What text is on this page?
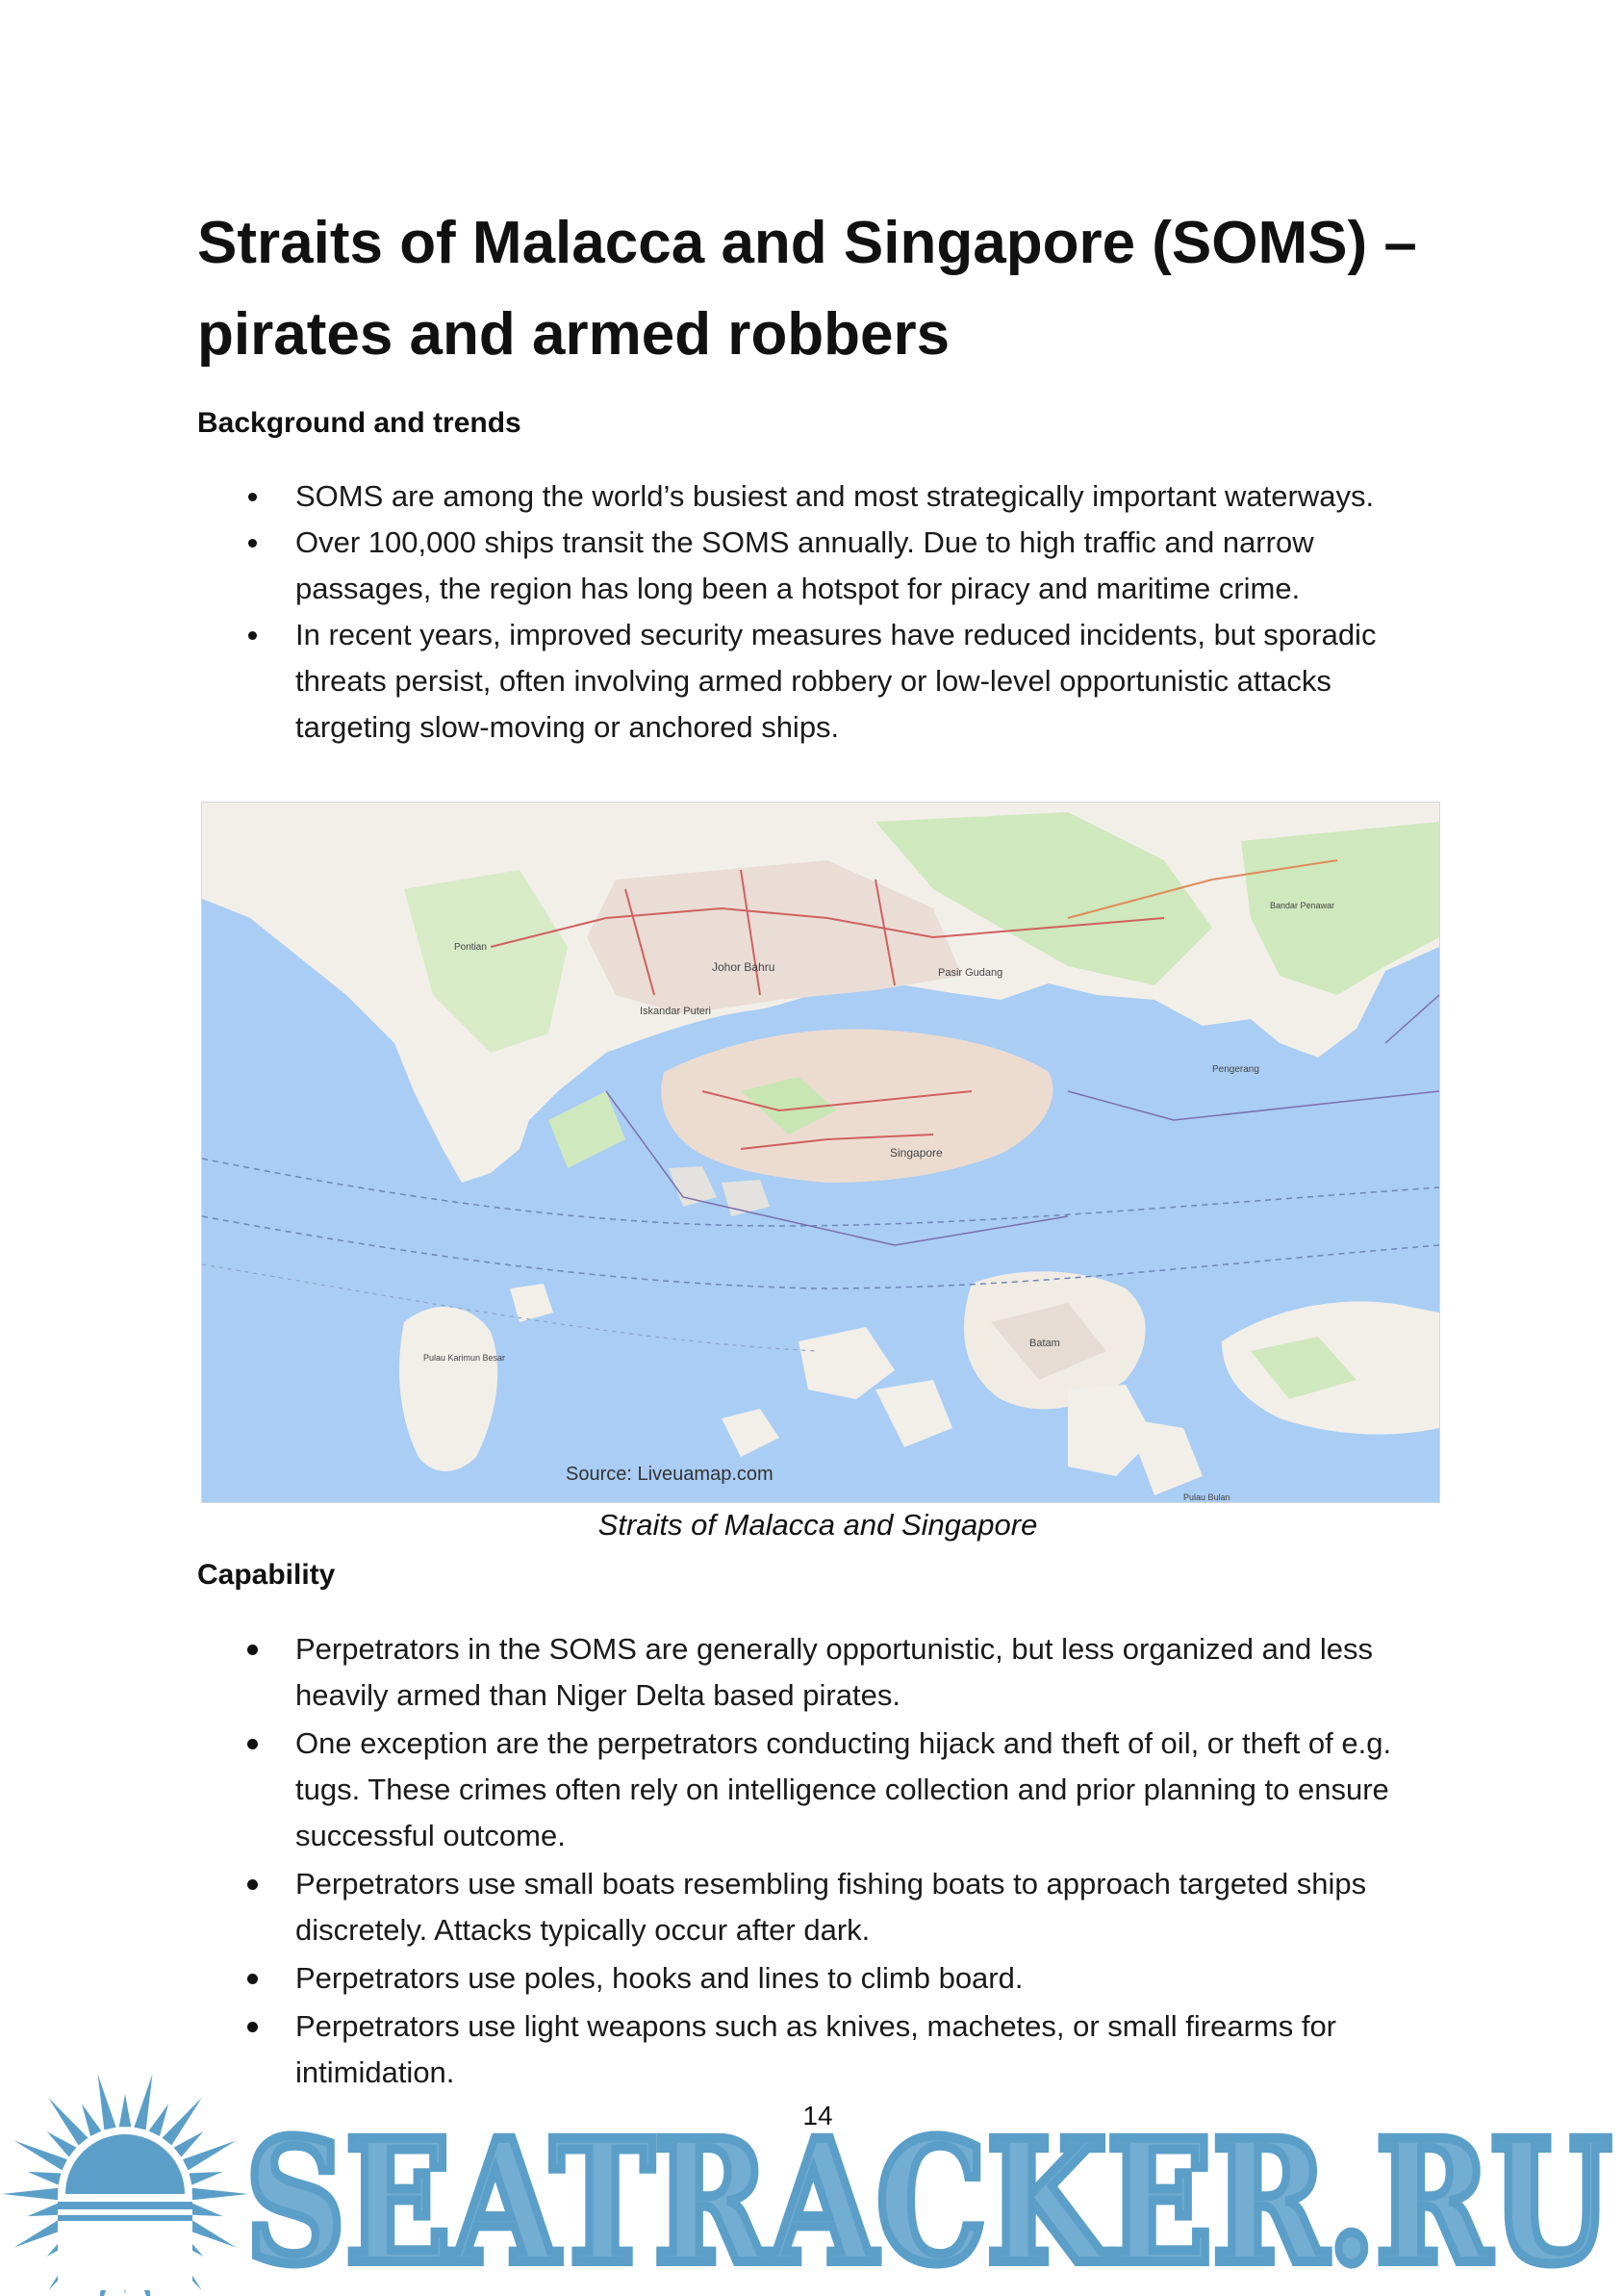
Straits of Malacca and Singapore (SOMS) – pirates and armed robbers
Background and trends
SOMS are among the world’s busiest and most strategically important waterways.
Over 100,000 ships transit the SOMS annually. Due to high traffic and narrow passages, the region has long been a hotspot for piracy and maritime crime.
In recent years, improved security measures have reduced incidents, but sporadic threats persist, often involving armed robbery or low-level opportunistic attacks targeting slow-moving or anchored ships.
Johor Bahru
Singapore
Batam
Pasir Gudang
Pontian
Iskandar Puteri
Pengerang
Pulau Karimun Besar
Pulau Bulan
Bandar Penawar
Source: Liveuamap.com
Straits of Malacca and Singapore
Capability
Perpetrators in the SOMS are generally opportunistic, but less organized and less heavily armed than Niger Delta based pirates.
One exception are the perpetrators conducting hijack and theft of oil, or theft of e.g. tugs. These crimes often rely on intelligence collection and prior planning to ensure successful outcome.
Perpetrators use small boats resembling fishing boats to approach targeted ships discretely. Attacks typically occur after dark.
Perpetrators use poles, hooks and lines to climb board.
Perpetrators use light weapons such as knives, machetes, or small firearms for intimidation.
14
SEATRACKER.RU
SEATRACKER.RU
